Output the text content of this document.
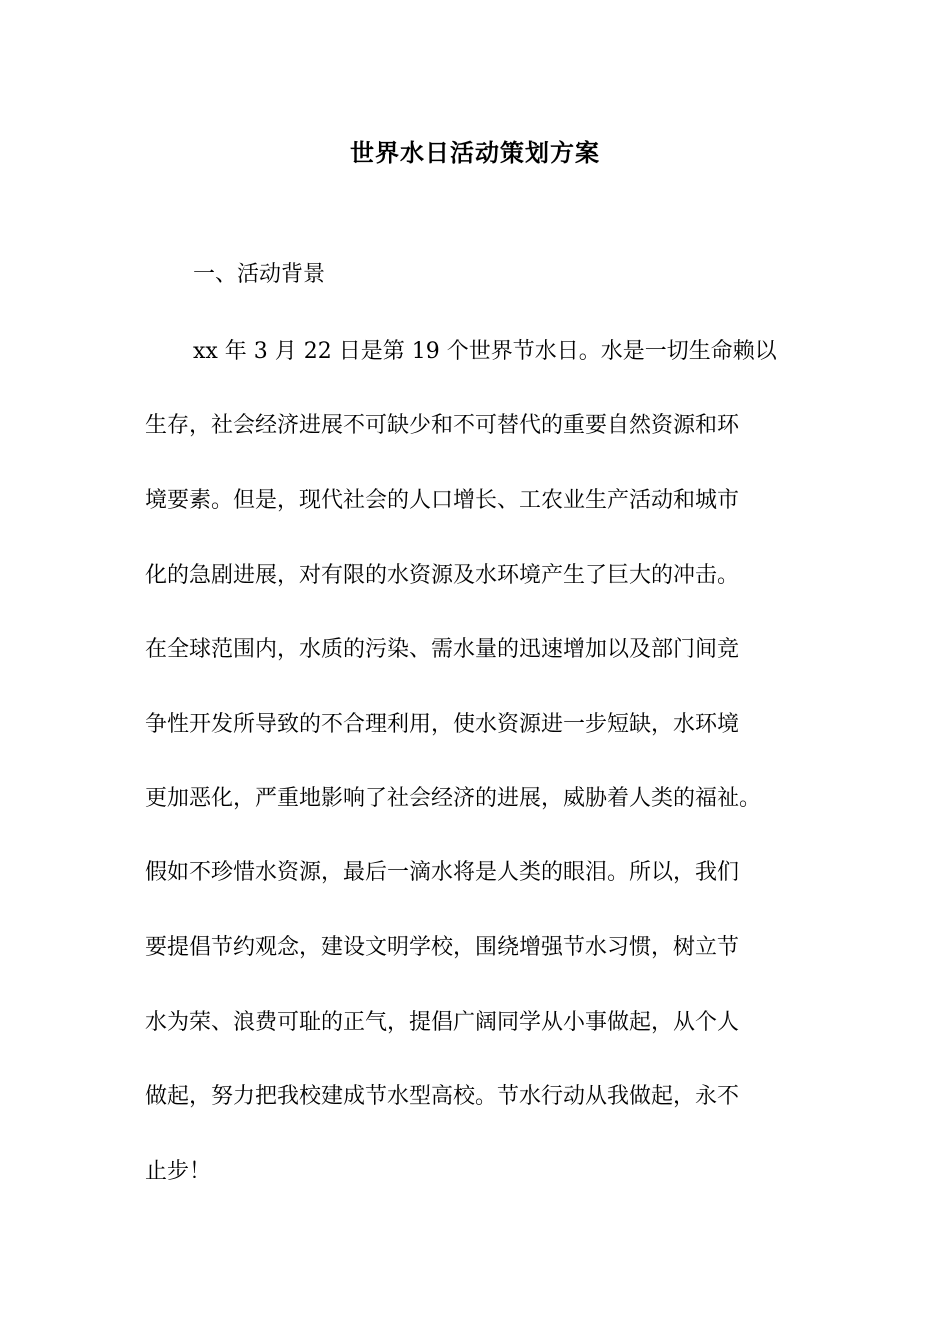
世界水日活动策划方案
一、活动背景
xx 年 3 月 22 日是第 19 个世界节水日。水是一切生命赖以
生存，社会经济进展不可缺少和不可替代的重要自然资源和环
境要素。但是，现代社会的人口增长、工农业生产活动和城市
化的急剧进展，对有限的水资源及水环境产生了巨大的冲击。
在全球范围内，水质的污染、需水量的迅速增加以及部门间竞
争性开发所导致的不合理利用，使水资源进一步短缺，水环境
更加恶化，严重地影响了社会经济的进展，威胁着人类的福祉。
假如不珍惜水资源，最后一滴水将是人类的眼泪。所以，我们
要提倡节约观念，建设文明学校，围绕增强节水习惯，树立节
水为荣、浪费可耻的正气，提倡广阔同学从小事做起，从个人
做起，努力把我校建成节水型高校。节水行动从我做起，永不
止步！
